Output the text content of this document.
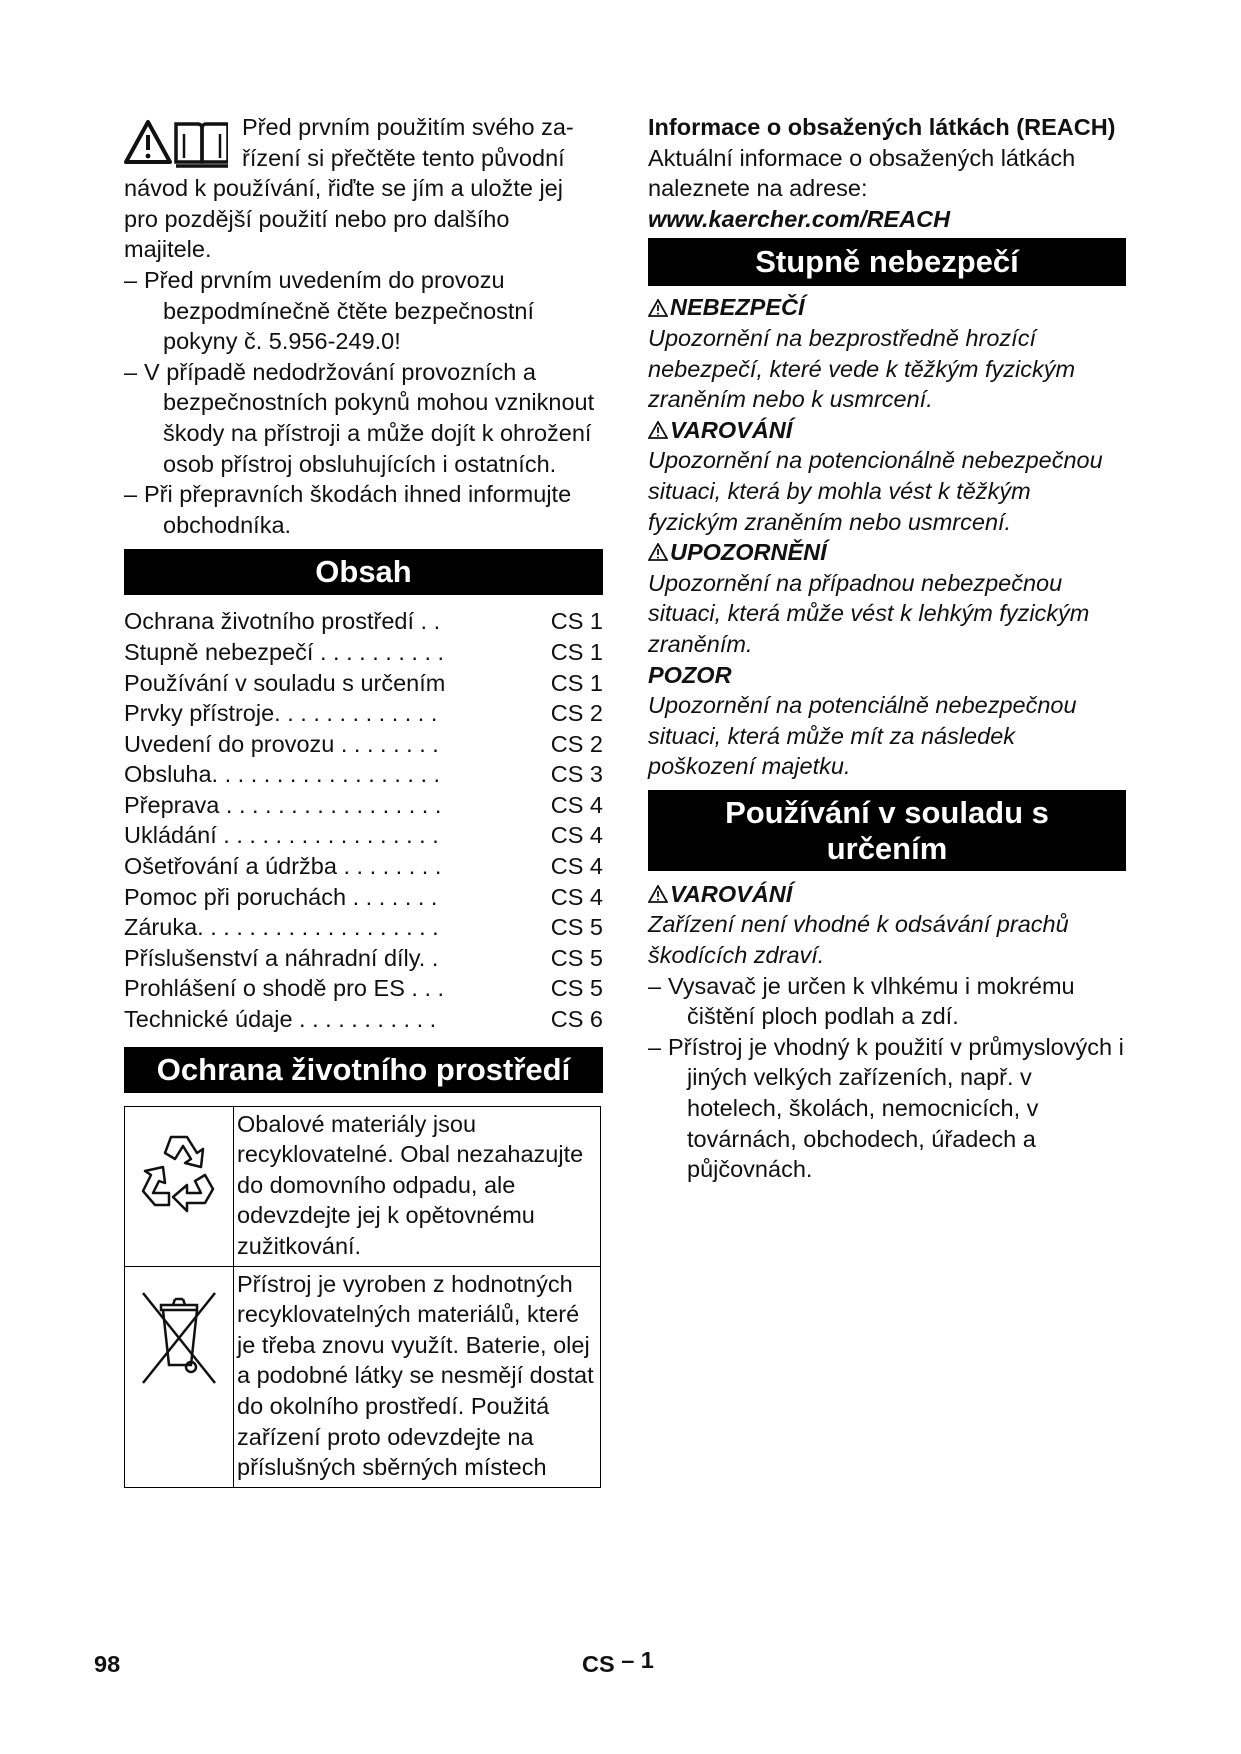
Před prvním použitím svého za-

řízení si přečtěte tento původní

návod k používání, řiďte se jím a uložte jej pro pozdější použití nebo pro dalšího majitele.

– Před prvním uvedením do provozu bezpodmínečně čtěte bezpečnostní pokyny č. 5.956-249.0!
– V případě nedodržování provozních a bezpečnostních pokynů mohou vzniknout škody na přístroji a může dojít k ohrožení osob přístroj obsluhujících i ostatních.
– Při přepravních škodách ihned informujte obchodníka.
Obsah
Ochrana životního prostředí . .	CS 1
Stupně nebezpečí . . . . . . . . . .	CS 1
Používání v souladu s určením	CS 1
Prvky přístroje. . . . . . . . . . . . .	CS 2
Uvedení do provozu . . . . . . . .	CS 2
Obsluha. . . . . . . . . . . . . . . . . .	CS 3
Přeprava . . . . . . . . . . . . . . . . .	CS 4
Ukládání . . . . . . . . . . . . . . . . .	CS 4
Ošetřování a údržba . . . . . . . .	CS 4
Pomoc při poruchách . . . . . . .	CS 4
Záruka. . . . . . . . . . . . . . . . . . .	CS 5
Příslušenství a náhradní díly. .	CS 5
Prohlášení o shodě pro ES . . .	CS 5
Technické údaje . . . . . . . . . . .	CS 6
Ochrana životního prostředí
	Obalové materiály jsou recyklovatelné. Obal nezahazujte do domovního odpadu, ale odevzdejte jej k opětovnému zužitkování.

	Přístroj je vyroben z hodnotných recyklovatelných materiálů, které je třeba znovu využít. Baterie, olej a podobné látky se nesmějí dostat do okolního prostředí. Použitá zařízení proto odevzdejte na příslušných sběrných místech

Informace o obsažených látkách (REACH)

Aktuální informace o obsažených látkách naleznete na adrese:

www.kaercher.com/REACH

Stupně nebezpečí
NEBEZPEČÍ

Upozornění na bezprostředně hrozící nebezpečí, které vede k těžkým fyzickým zraněním nebo k usmrcení.

VAROVÁNÍ

Upozornění na potencionálně nebezpečnou situaci, která by mohla vést k těžkým fyzickým zraněním nebo usmrcení.

UPOZORNĚNÍ

Upozornění na případnou nebezpečnou situaci, která může vést k lehkým fyzickým zraněním.

POZOR

Upozornění na potenciálně nebezpečnou situaci, která může mít za následek poškození majetku.

Používání v souladu s
určením
VAROVÁNÍ

Zařízení není vhodné k odsávání prachů škodících zdraví.

– Vysavač je určen k vlhkému i mokrému čištění ploch podlah a zdí.
– Přístroj je vhodný k použití v průmyslových i jiných velkých zařízeních, např. v hotelech, školách, nemocnicích, v továrnách, obchodech, úřadech a půjčovnách.
98	CS – 1
